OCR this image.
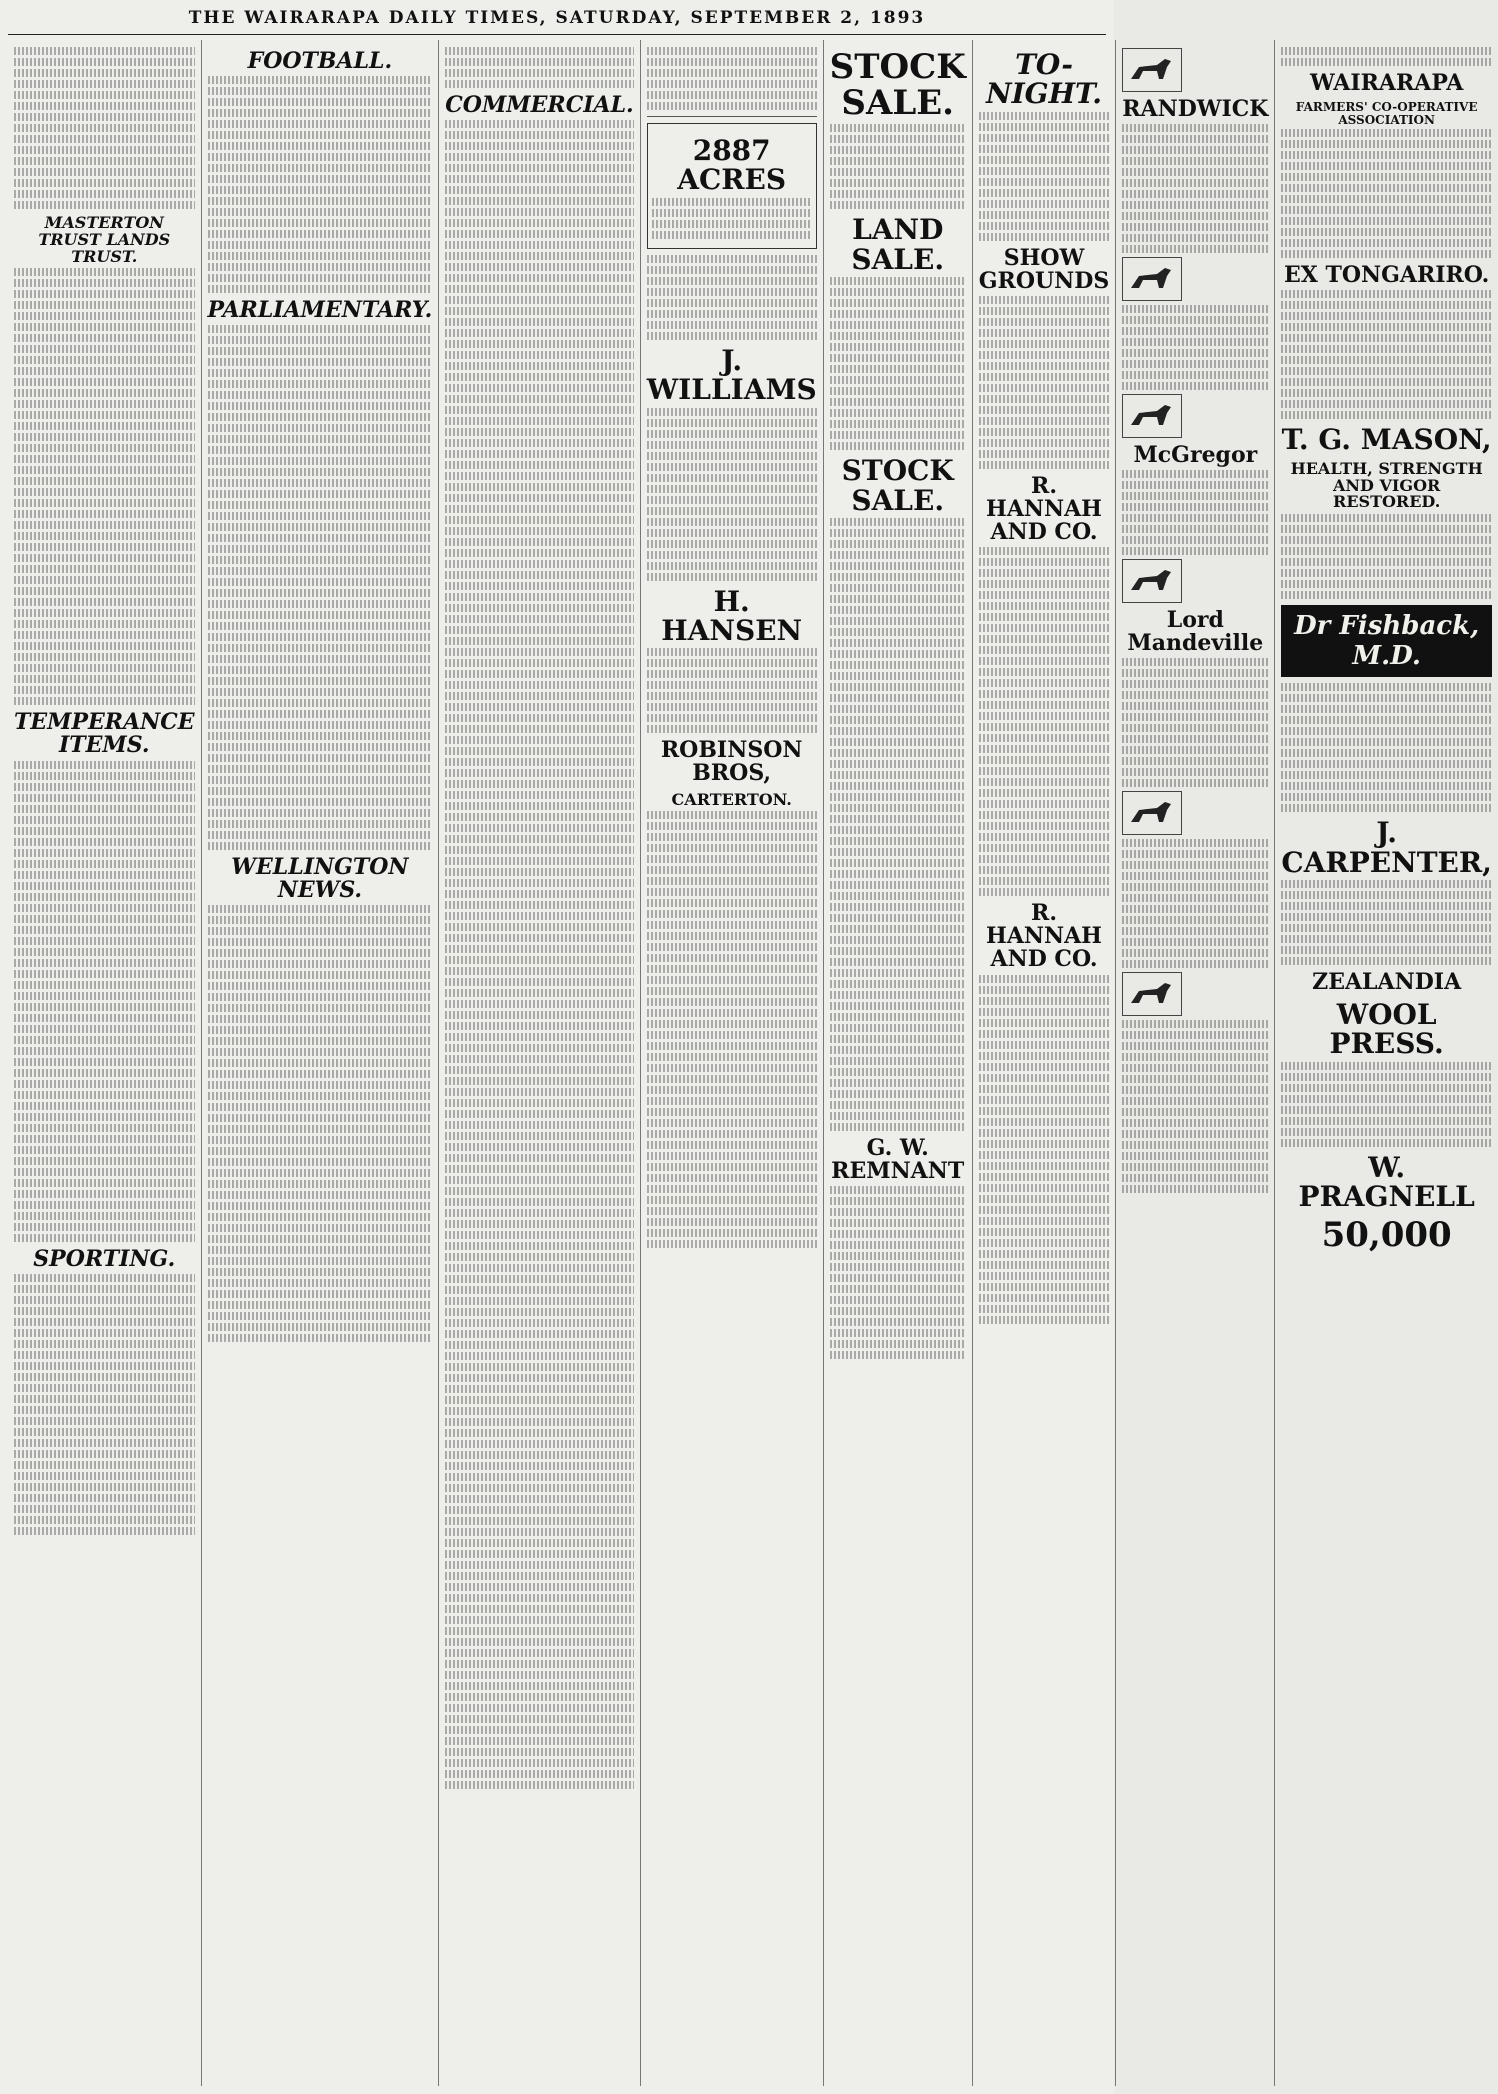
THE WAIRARAPA DAILY TIMES, SATURDAY, SEPTEMBER 2, 1893
MASTERTON TRUST LANDS TRUST.
TEMPERANCE ITEMS.
SPORTING.
FOOTBALL.
PARLIAMENTARY.
WELLINGTON NEWS.
COMMERCIAL.
2887 ACRES
J. WILLIAMS
H. HANSEN
ROBINSON BROS,
CARTERTON.
STOCK SALE.
LAND SALE.
STOCK SALE.
G. W. REMNANT
TO-NIGHT.
SHOW GROUNDS
R. HANNAH AND CO.
R. HANNAH AND CO.
RANDWICK
McGregor
Lord Mandeville
WAIRARAPA
FARMERS' CO-OPERATIVE ASSOCIATION
EX TONGARIRO.
T. G. MASON,
HEALTH, STRENGTH AND VIGOR RESTORED.
Dr Fishback, M.D.
J. CARPENTER,
ZEALANDIA
WOOL PRESS.
W. PRAGNELL
50,000
